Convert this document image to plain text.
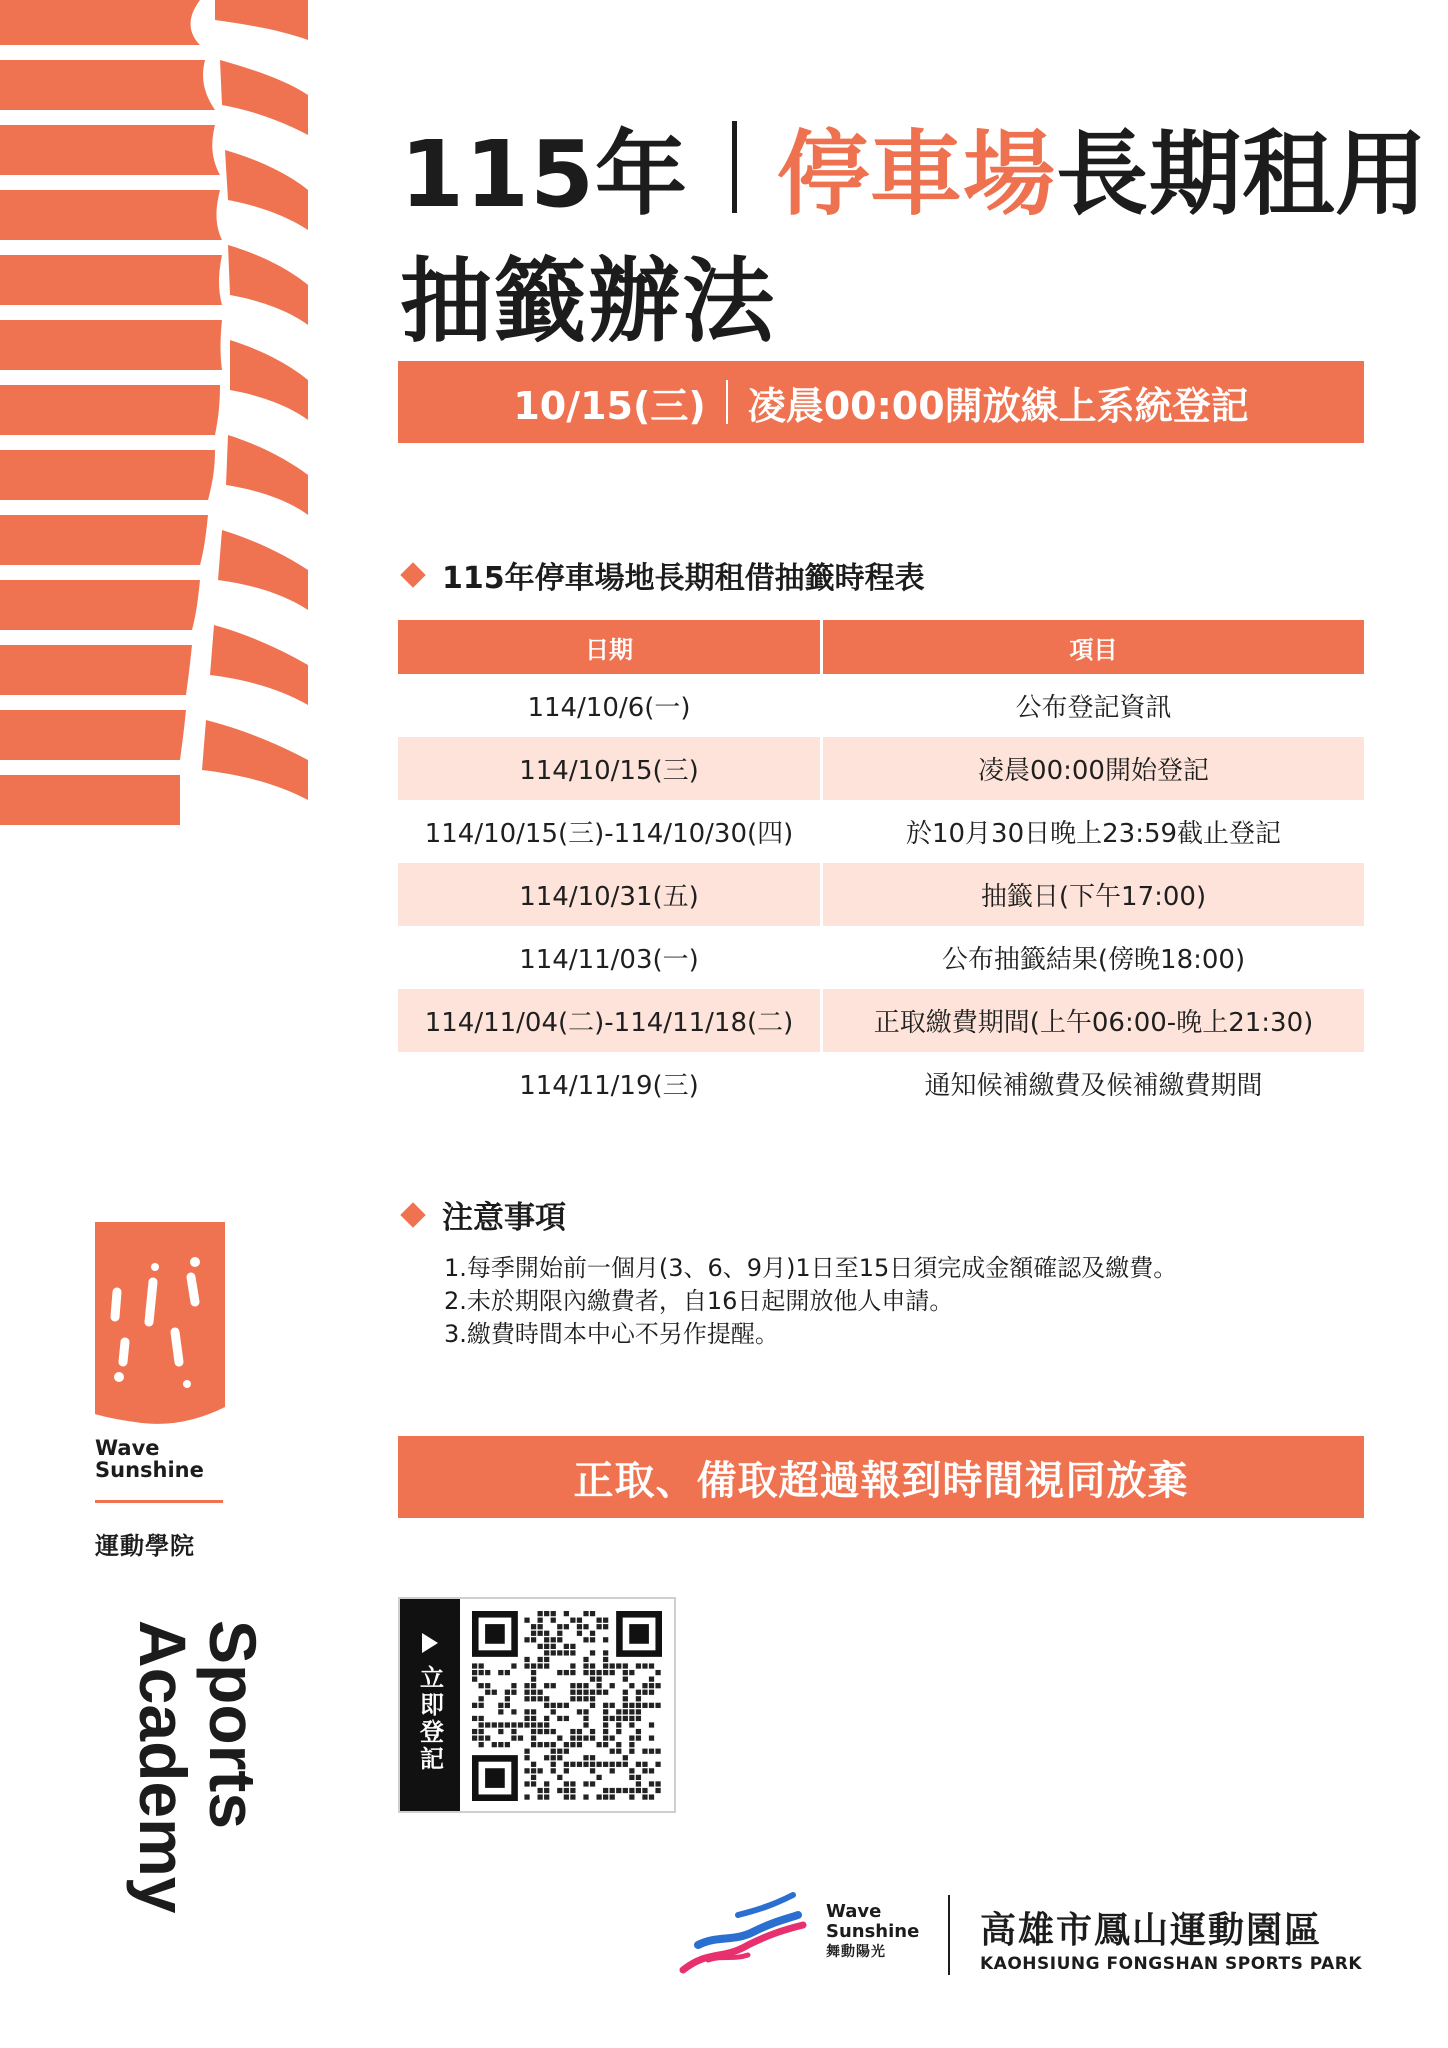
115年 停車場 長期租用
抽籤辦法
10/15(三) 凌晨00:00開放線上系統登記
115年停車場地長期租借抽籤時程表
日期	項目
114/10/6(一)	公布登記資訊
114/10/15(三)	凌晨00:00開始登記
114/10/15(三)-114/10/30(四)	於10月30日晚上23:59截止登記
114/10/31(五)	抽籤日(下午17:00)
114/11/03(一)	公布抽籤結果(傍晚18:00)
114/11/04(二)-114/11/18(二)	正取繳費期間(上午06:00-晚上21:30)
114/11/19(三)	通知候補繳費及候補繳費期間
注意事項
1.每季開始前一個月(3、6、9月)1日至15日須完成金額確認及繳費。
2.未於期限內繳費者，自16日起開放他人申請。
3.繳費時間本中心不另作提醒。
正取、備取超過報到時間視同放棄
Wave
Sunshine
運動學院
Sports
Academy	立即登記
Wave
Sunshine
舞動陽光
高雄市鳳山運動園區
KAOHSIUNG FONGSHAN SPORTS PARK
